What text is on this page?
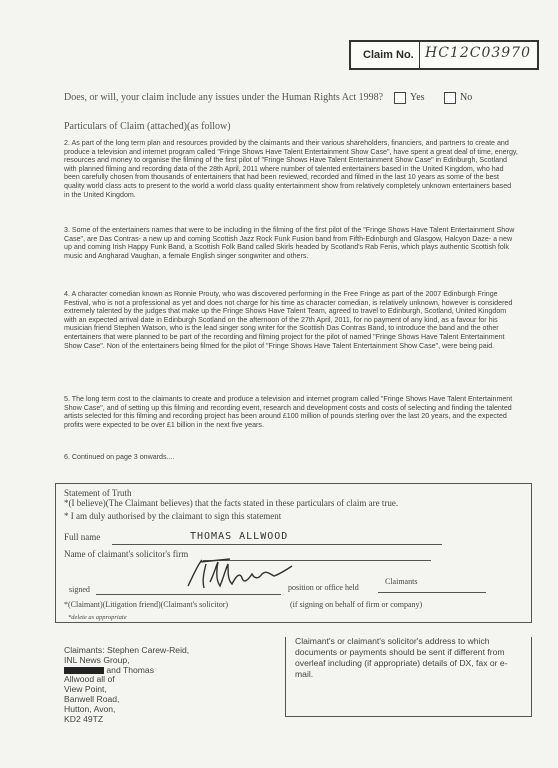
Claim No. HC12C03970
Does, or will, your claim include any issues under the Human Rights Act 1998?	Yes	No
Particulars of Claim (attached)(as follow)
2. As part of the long term plan and resources provided by the claimants and their various shareholders, financiers, and partners to create and produce a television and internet program called "Fringe Shows Have Talent Entertainment Show Case", have spent a great deal of time, energy, resources and money to organise the filming of the first pilot of "Fringe Shows Have Talent Entertainment Show Case" in Edinburgh, Scotland with planned filming and recording data of the 28th April, 2011 where number of talented entertainers based in the United Kingdom, who had been carefully chosen from thousands of entertainers that had been reviewed, recorded and filmed in the last 10 years as some of the best quality world class acts to present to the world a world class quality entertainment show from relatively completely unknown entertainers based in the United Kingdom.
3. Some of the entertainers names that were to be including in the filming of the first pilot of the "Fringe Shows Have Talent Entertainment Show Case", are Das Contras- a new up and coming Scottish Jazz Rock Funk Fusion band from Fifth-Edinburgh and Glasgow, Halcyon Daze- a new up and coming Irish Happy Funk Band, a Scottish Folk Band called Skirls headed by Scotland's Rab Fenis, which plays authentic Scottish folk music and Angharad Vaughan, a female English singer songwriter and others.
4. A character comedian known as Ronnie Prouty, who was discovered performing in the Free Fringe as part of the 2007 Edinburgh Fringe Festival, who is not a professional as yet and does not charge for his time as character comedian, is relatively unknown, however is considered extremely talented by the judges that make up the Fringe Shows Have Talent Team, agreed to travel to Edinburgh, Scotland, United Kingdom with an expected arrival date in Edinburgh Scotland on the afternoon of the 27th April, 2011, for no payment of any kind, as a favour for his musician friend Stephen Watson, who is the lead singer song writer for the Scottish Das Contras Band, to introduce the band and the other entertainers that were planned to be part of the recording and filming project for the pilot of named "Fringe Shows Have Talent Entertainment Show Case". Non of the entertainers being filmed for the pilot of "Fringe Shows Have Talent Entertainment Show Case", were being paid.
5. The long term cost to the claimants to create and produce a television and internet program called "Fringe Shows Have Talent Entertainment Show Case", and of setting up this filming and recording event, research and development costs and costs of selecting and finding the talented artists selected for this filming and recording project has been around £100 million of pounds sterling over the last 20 years, and the expected profits were expected to be over £1 billion in the next five years.
6. Continued on page 3 onwards....
Statement of Truth
*(I believe)(The Claimant believes) that the facts stated in these particulars of claim are true.
* I am duly authorised by the claimant to sign this statement
Full name	THOMAS ALLWOOD
Name of claimant's solicitor's firm
signed	position or office held
Claimants
*(Claimant)(Litigation friend)(Claimant's solicitor)	(if signing on behalf of firm or company)
*delete as appropriate
Claimants: Stephen Carew-Reid,
INL News Group,
and Thomas
Allwood all of
View Point,
Banwell Road,
Hutton, Avon,
KD2 49TZ
Claimant's or claimant's solicitor's address to which documents or payments should be sent if different from overleaf including (if appropriate) details of DX, fax or e-mail.
